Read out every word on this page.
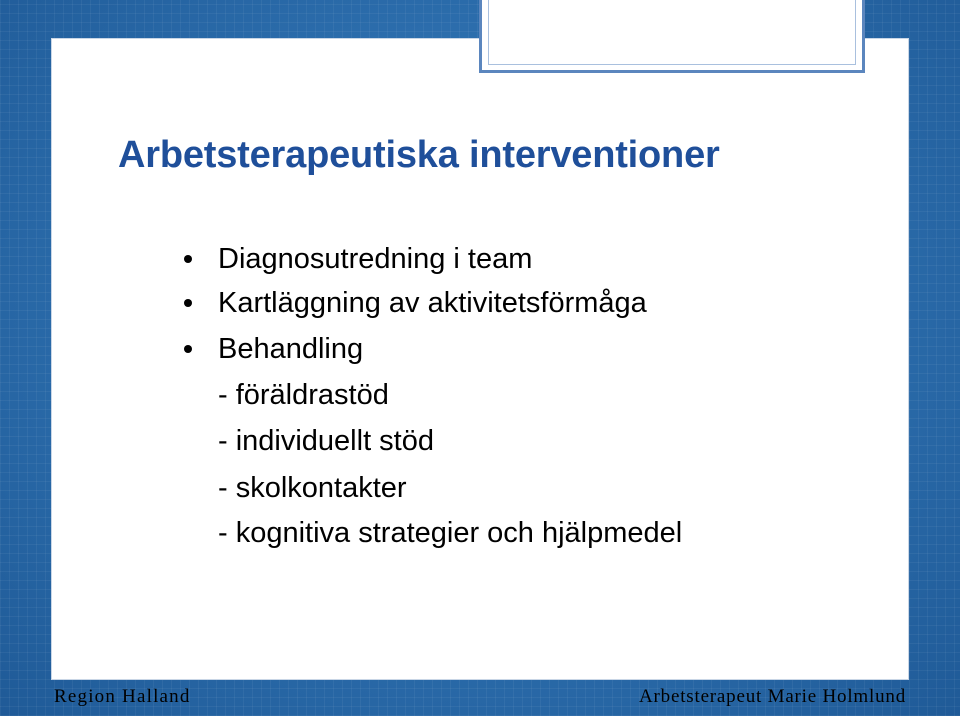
Arbetsterapeutiska interventioner
Diagnosutredning i team
Kartläggning av aktivitetsförmåga
Behandling
- föräldrastöd
- individuellt stöd
- skolkontakter
- kognitiva strategier och hjälpmedel
Region Halland	Arbetsterapeut Marie Holmlund
